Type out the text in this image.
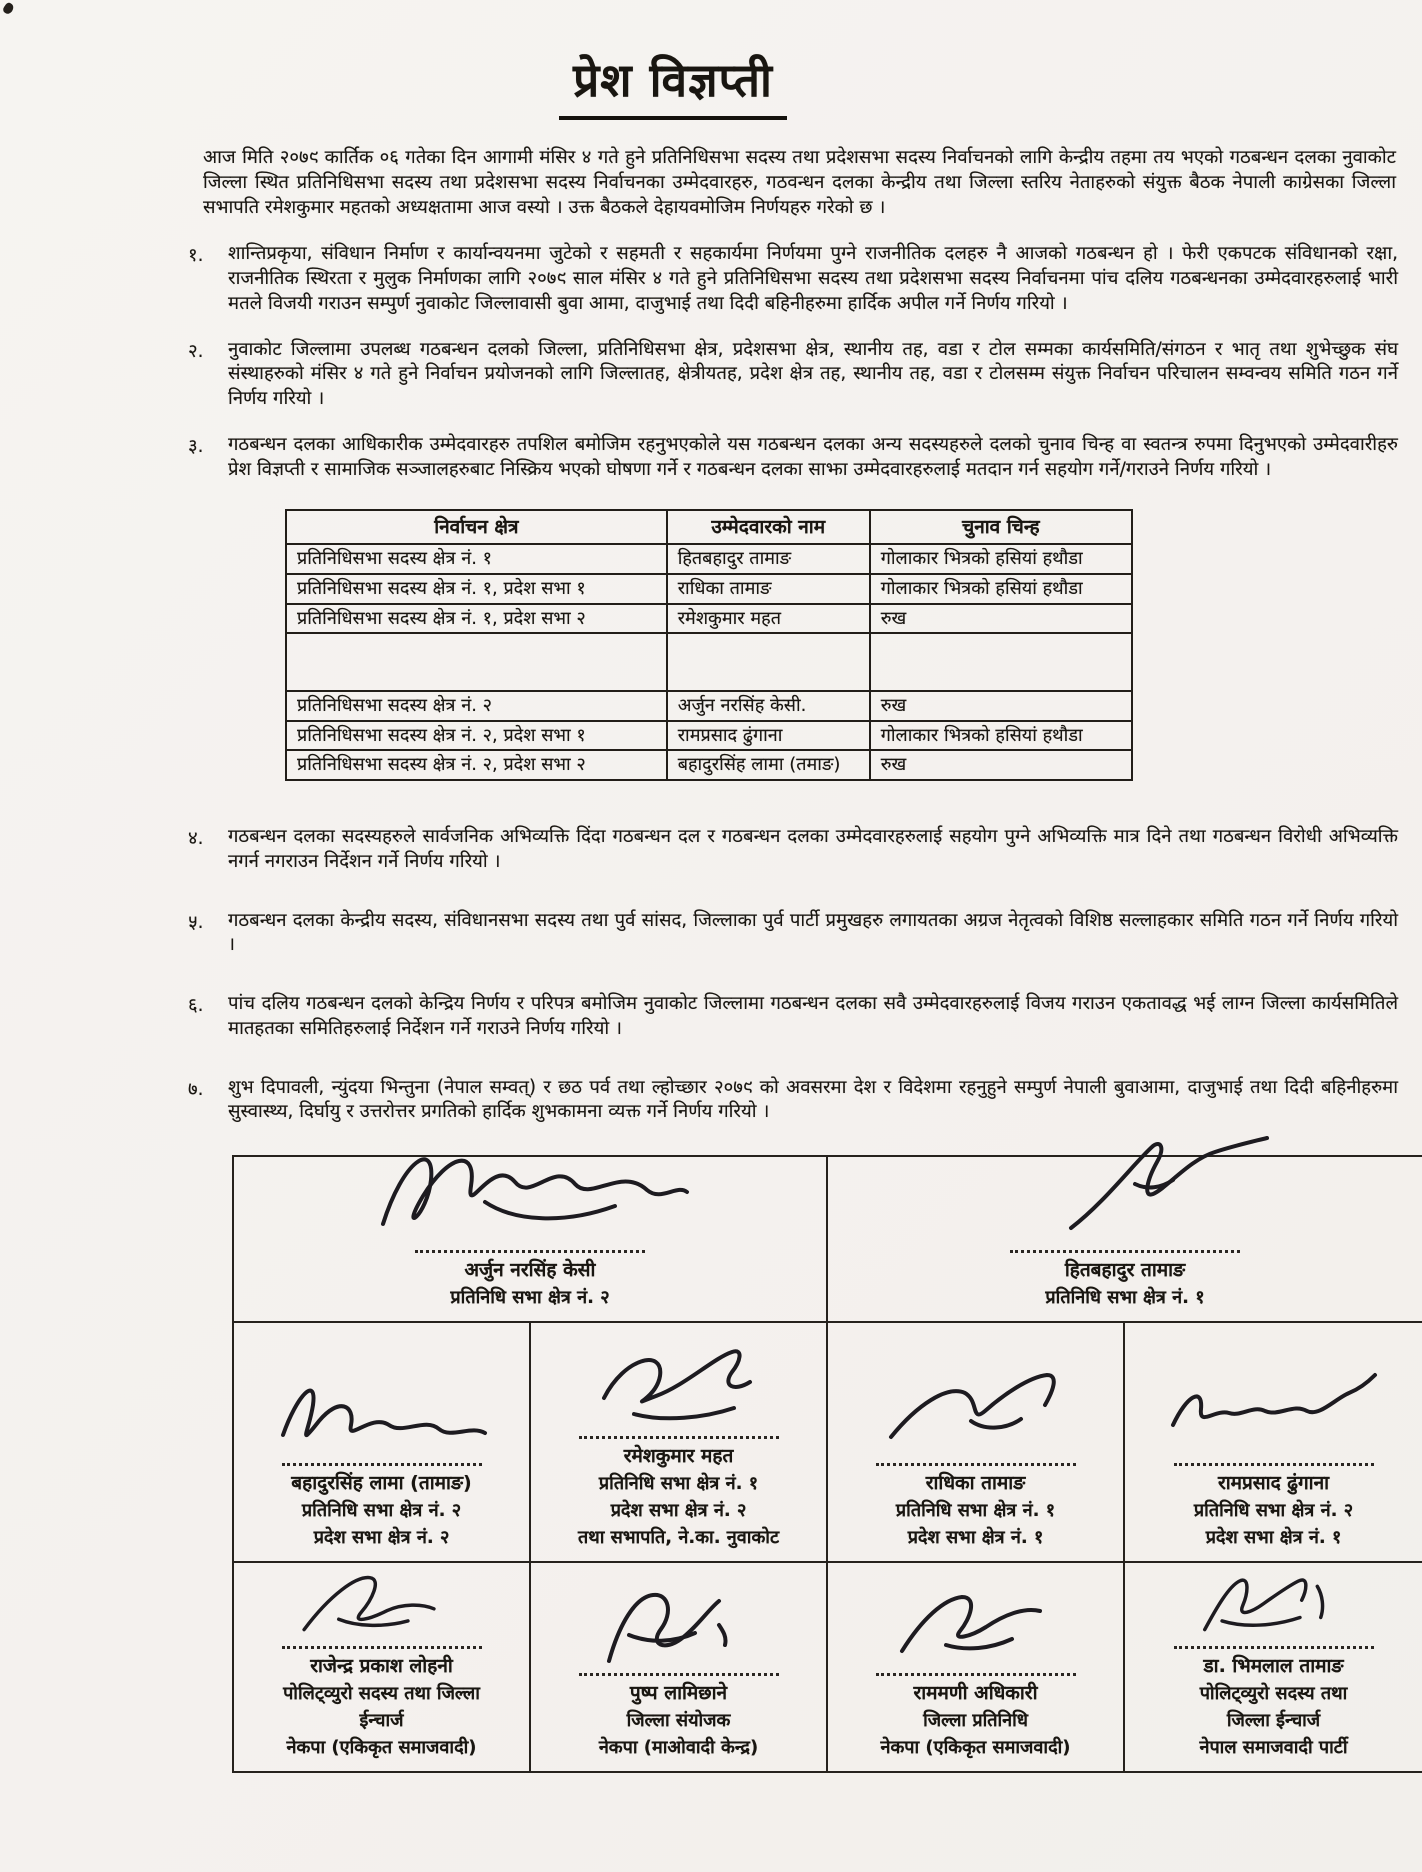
प्रेश विज्ञप्ती
आज मिति २०७९ कार्तिक ०६ गतेका दिन आगामी मंसिर ४ गते हुने प्रतिनिधिसभा सदस्य तथा प्रदेशसभा सदस्य निर्वाचनको लागि केन्द्रीय तहमा तय भएको गठबन्धन दलका नुवाकोट जिल्ला स्थित प्रतिनिधिसभा सदस्य तथा प्रदेशसभा सदस्य निर्वाचनका उम्मेदवारहरु, गठवन्धन दलका केन्द्रीय तथा जिल्ला स्तरिय नेताहरुको संयुक्त बैठक नेपाली काग्रेसका जिल्ला सभापति रमेशकुमार महतको अध्यक्षतामा आज वस्यो । उक्त बैठकले देहायवमोजिम निर्णयहरु गरेको छ ।
१.	शान्तिप्रकृया, संविधान निर्माण र कार्यान्वयनमा जुटेको र सहमती र सहकार्यमा निर्णयमा पुग्ने राजनीतिक दलहरु नै आजको गठबन्धन हो । फेरी एकपटक संविधानको रक्षा, राजनीतिक स्थिरता र मुलुक निर्माणका लागि २०७९ साल मंसिर ४ गते हुने प्रतिनिधिसभा सदस्य तथा प्रदेशसभा सदस्य निर्वाचनमा पांच दलिय गठबन्धनका उम्मेदवारहरुलाई भारी मतले विजयी गराउन सम्पुर्ण नुवाकोट जिल्लावासी बुवा आमा, दाजुभाई तथा दिदी बहिनीहरुमा हार्दिक अपील गर्ने निर्णय गरियो ।
२.	नुवाकोट जिल्लामा उपलब्ध गठबन्धन दलको जिल्ला, प्रतिनिधिसभा क्षेत्र, प्रदेशसभा क्षेत्र, स्थानीय तह, वडा र टोल सम्मका कार्यसमिति/संगठन र भातृ तथा शुभेच्छुक संघ संस्थाहरुको मंसिर ४ गते हुने निर्वाचन प्रयोजनको लागि जिल्लातह, क्षेत्रीयतह, प्रदेश क्षेत्र तह, स्थानीय तह, वडा र टोलसम्म संयुक्त निर्वाचन परिचालन सम्वन्वय समिति गठन गर्ने निर्णय गरियो ।
३.	गठबन्धन दलका आधिकारीक उम्मेदवारहरु तपशिल बमोजिम रहनुभएकोले यस गठबन्धन दलका अन्य सदस्यहरुले दलको चुनाव चिन्ह वा स्वतन्त्र रुपमा दिनुभएको उम्मेदवारीहरु प्रेश विज्ञप्ती र सामाजिक सञ्जालहरुबाट निस्क्रिय भएको घोषणा गर्ने र गठबन्धन दलका साझा उम्मेदवारहरुलाई मतदान गर्न सहयोग गर्ने/गराउने निर्णय गरियो ।
निर्वाचन क्षेत्र	उम्मेदवारको नाम	चुनाव चिन्ह
प्रतिनिधिसभा सदस्य क्षेत्र नं. १	हितबहादुर तामाङ	गोलाकार भित्रको हसियां हथौडा
प्रतिनिधिसभा सदस्य क्षेत्र नं. १, प्रदेश सभा १	राधिका तामाङ	गोलाकार भित्रको हसियां हथौडा
प्रतिनिधिसभा सदस्य क्षेत्र नं. १, प्रदेश सभा २	रमेशकुमार महत	रुख

प्रतिनिधिसभा सदस्य क्षेत्र नं. २	अर्जुन नरसिंह केसी.	रुख
प्रतिनिधिसभा सदस्य क्षेत्र नं. २, प्रदेश सभा १	रामप्रसाद ढुंगाना	गोलाकार भित्रको हसियां हथौडा
प्रतिनिधिसभा सदस्य क्षेत्र नं. २, प्रदेश सभा २	बहादुरसिंह लामा (तमाङ)	रुख
४.	गठबन्धन दलका सदस्यहरुले सार्वजनिक अभिव्यक्ति दिंदा गठबन्धन दल र गठबन्धन दलका उम्मेदवारहरुलाई सहयोग पुग्ने अभिव्यक्ति मात्र दिने तथा गठबन्धन विरोधी अभिव्यक्ति नगर्न नगराउन निर्देशन गर्ने निर्णय गरियो ।
५.	गठबन्धन दलका केन्द्रीय सदस्य, संविधानसभा सदस्य तथा पुर्व सांसद, जिल्लाका पुर्व पार्टी प्रमुखहरु लगायतका अग्रज नेतृत्वको विशिष्ठ सल्लाहकार समिति गठन गर्ने निर्णय गरियो ।
६.	पांच दलिय गठबन्धन दलको केन्द्रिय निर्णय र परिपत्र बमोजिम नुवाकोट जिल्लामा गठबन्धन दलका सवै उम्मेदवारहरुलाई विजय गराउन एकतावद्ध भई लाग्न जिल्ला कार्यसमितिले मातहतका समितिहरुलाई निर्देशन गर्ने गराउने निर्णय गरियो ।
७.	शुभ दिपावली, न्युंदया भिन्तुना (नेपाल सम्वत्) र छठ पर्व तथा ल्होच्छार २०७९ को अवसरमा देश र विदेशमा रहनुहुने सम्पुर्ण नेपाली बुवाआमा, दाजुभाई तथा दिदी बहिनीहरुमा सुस्वास्थ्य, दिर्घायु र उत्तरोत्तर प्रगतिको हार्दिक शुभकामना व्यक्त गर्ने निर्णय गरियो ।
अर्जुन नरसिंह केसी
प्रतिनिधि सभा क्षेत्र नं. २
हितबहादुर तामाङ
प्रतिनिधि सभा क्षेत्र नं. १
बहादुरसिंह लामा (तामाङ)
प्रतिनिधि सभा क्षेत्र नं. २
प्रदेश सभा क्षेत्र नं. २
रमेशकुमार महत
प्रतिनिधि सभा क्षेत्र नं. १
प्रदेश सभा क्षेत्र नं. २
तथा सभापति, ने.का. नुवाकोट
राधिका तामाङ
प्रतिनिधि सभा क्षेत्र नं. १
प्रदेश सभा क्षेत्र नं. १
रामप्रसाद ढुंगाना
प्रतिनिधि सभा क्षेत्र नं. २
प्रदेश सभा क्षेत्र नं. १
राजेन्द्र प्रकाश लोहनी
पोलिट्व्युरो सदस्य तथा जिल्ला
ईन्चार्ज
नेकपा (एकिकृत समाजवादी)
पुष्प लामिछाने
जिल्ला संयोजक
नेकपा (माओवादी केन्द्र)
राममणी अधिकारी
जिल्ला प्रतिनिधि
नेकपा (एकिकृत समाजवादी)
डा. भिमलाल तामाङ
पोलिट्व्युरो सदस्य तथा
जिल्ला ईन्चार्ज
नेपाल समाजवादी पार्टी
